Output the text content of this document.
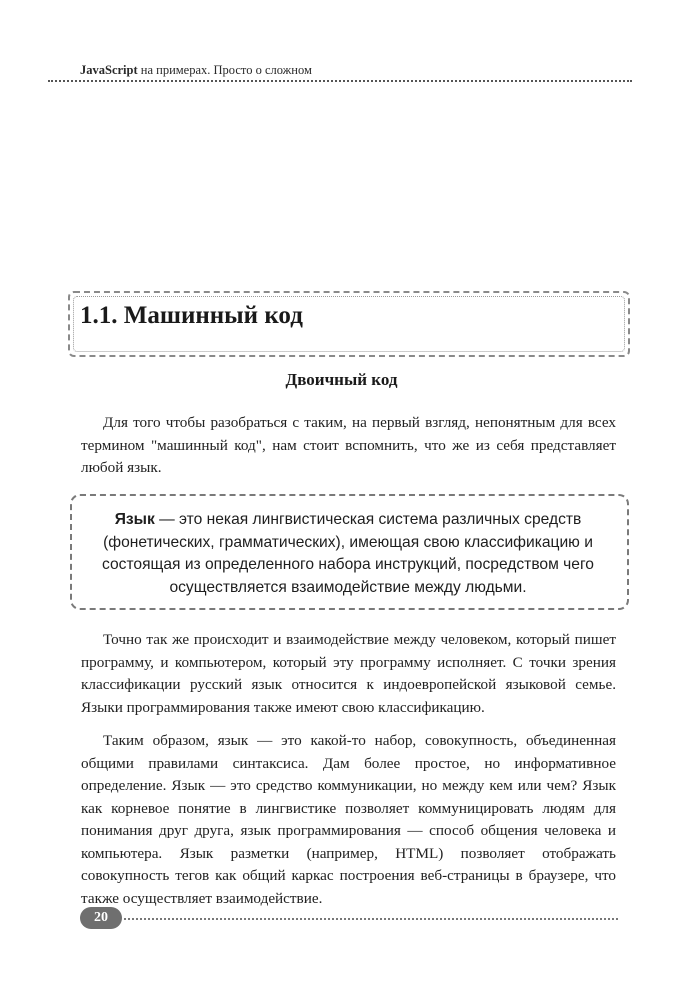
JavaScript на примерах. Просто о сложном
1.1. Машинный код
Двоичный код

Для того чтобы разобраться с таким, на первый взгляд, непонятным для всех термином "машинный код", нам стоит вспомнить, что же из себя представляет любой язык.

Язык — это некая лингвистическая система различных средств (фонетических, грамматических), имеющая свою классификацию и состоящая из определенного набора инструкций, посредством чего осуществляется взаимодействие между людьми.

Точно так же происходит и взаимодействие между человеком, который пишет программу, и компьютером, который эту программу исполняет. С точки зрения классификации русский язык относится к индоевропейской языковой семье. Языки программирования также имеют свою классификацию.

Таким образом, язык — это какой-то набор, совокупность, объединенная общими правилами синтаксиса. Дам более простое, но информативное определение. Язык — это средство коммуникации, но между кем или чем? Язык как корневое понятие в лингвистике позволяет коммуницировать людям для понимания друг друга, язык программирования — способ общения человека и компьютера. Язык разметки (например, HTML) позволяет отображать совокупность тегов как общий каркас построения веб-страницы в браузере, что также осуществляет взаимодействие.

20
